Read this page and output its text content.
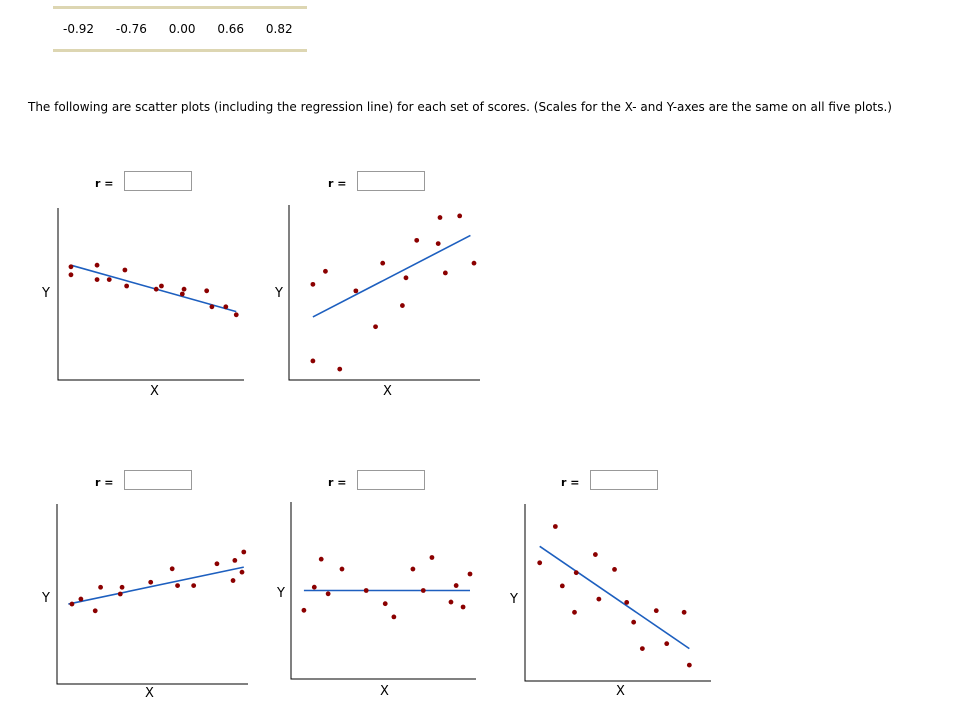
-0.92 -0.76 0.00 0.66 0.82
The following are scatter plots (including the regression line) for each set of scores. (Scales for the X- and Y-axes are the same on all five plots.)
r =
Y
X
r =
Y
X
r =
Y
X
r =
Y
X
r =
Y
X
